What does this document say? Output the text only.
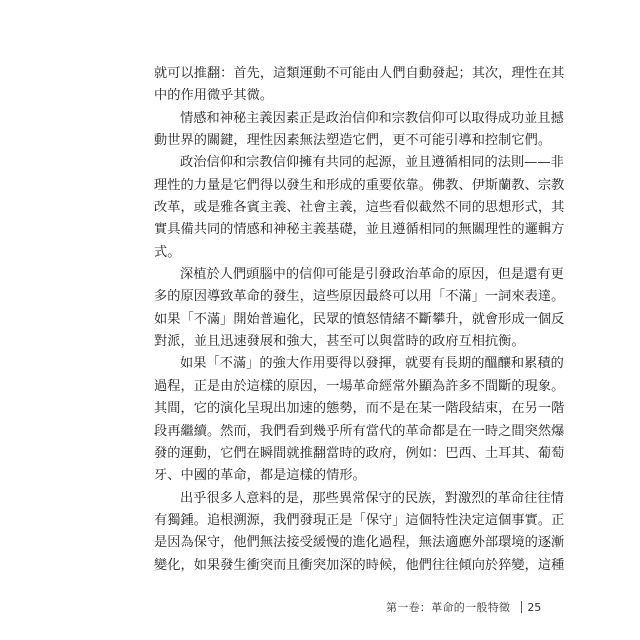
就可以推翻：首先，這類運動不可能由人們自動發起；其次，理性在其
中的作用微乎其微。
情感和神秘主義因素正是政治信仰和宗教信仰可以取得成功並且撼
動世界的關鍵，理性因素無法塑造它們，更不可能引導和控制它們。
政治信仰和宗教信仰擁有共同的起源，並且遵循相同的法則——非
理性的力量是它們得以發生和形成的重要依靠。佛教、伊斯蘭教、宗教
改革，或是雅各賓主義、社會主義，這些看似截然不同的思想形式，其
實具備共同的情感和神秘主義基礎，並且遵循相同的無關理性的邏輯方
式。
深植於人們頭腦中的信仰可能是引發政治革命的原因，但是還有更
多的原因導致革命的發生，這些原因最終可以用「不滿」一詞來表達。
如果「不滿」開始普遍化，民眾的憤怒情緒不斷攀升，就會形成一個反
對派，並且迅速發展和強大，甚至可以與當時的政府互相抗衡。
如果「不滿」的強大作用要得以發揮，就要有長期的醞釀和累積的
過程，正是由於這樣的原因，一場革命經常外顯為許多不間斷的現象。
其間，它的演化呈現出加速的態勢，而不是在某一階段結束，在另一階
段再繼續。然而，我們看到幾乎所有當代的革命都是在一時之間突然爆
發的運動，它們在瞬間就推翻當時的政府，例如：巴西、土耳其、葡萄
牙、中國的革命，都是這樣的情形。
出乎很多人意料的是，那些異常保守的民族，對激烈的革命往往情
有獨鍾。追根溯源，我們發現正是「保守」這個特性決定這個事實。正
是因為保守，他們無法接受緩慢的進化過程，無法適應外部環境的逐漸
變化，如果發生衝突而且衝突加深的時候，他們往往傾向於猝變，這種
第一卷：革命的一般特徵	25
